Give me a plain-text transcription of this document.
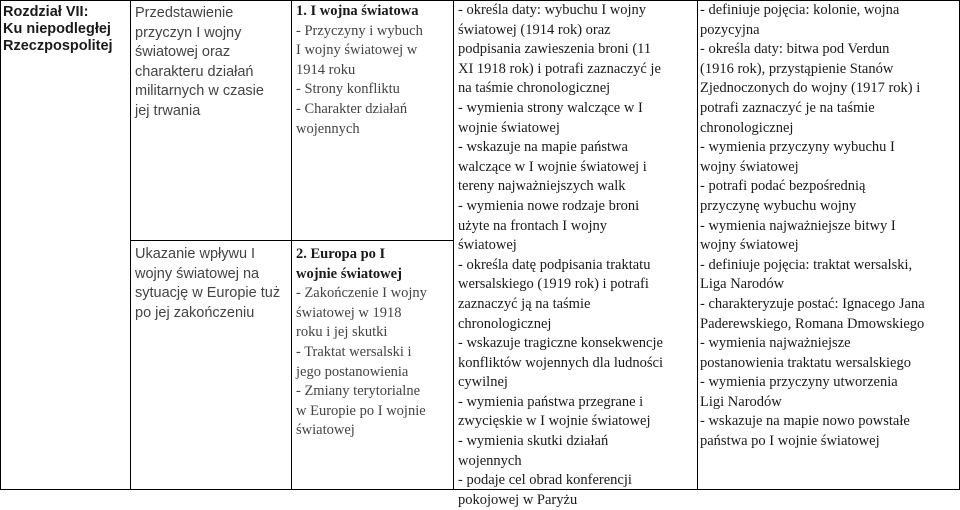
Rozdział VII:
Ku niepodległej
Rzeczpospolitej
Przedstawienie
przyczyn I wojny
światowej oraz
charakteru działań
militarnych w czasie
jej trwania
Ukazanie wpływu I
wojny światowej na
sytuację w Europie tuż
po jej zakończeniu
1. I wojna światowa
- Przyczyny i wybuch
I wojny światowej w
1914 roku
- Strony konfliktu
- Charakter działań
wojennych
2. Europa po I
wojnie światowej
- Zakończenie I wojny
światowej w 1918
roku i jej skutki
- Traktat wersalski i
jego postanowienia
- Zmiany terytorialne
w Europie po I wojnie
światowej
- określa daty: wybuchu I wojny
światowej (1914 rok) oraz
podpisania zawieszenia broni (11
XI 1918 rok) i potrafi zaznaczyć je
na taśmie chronologicznej
- wymienia strony walczące w I
wojnie światowej
- wskazuje na mapie państwa
walczące w I wojnie światowej i
tereny najważniejszych walk
- wymienia nowe rodzaje broni
użyte na frontach I wojny
światowej
- określa datę podpisania traktatu
wersalskiego (1919 rok) i potrafi
zaznaczyć ją na taśmie
chronologicznej
- wskazuje tragiczne konsekwencje
konfliktów wojennych dla ludności
cywilnej
- wymienia państwa przegrane i
zwycięskie w I wojnie światowej
- wymienia skutki działań
wojennych
- podaje cel obrad konferencji
pokojowej w Paryżu
- definiuje pojęcia: kolonie, wojna
pozycyjna
- określa daty: bitwa pod Verdun
(1916 rok), przystąpienie Stanów
Zjednoczonych do wojny (1917 rok) i
potrafi zaznaczyć je na taśmie
chronologicznej
- wymienia przyczyny wybuchu I
wojny światowej
- potrafi podać bezpośrednią
przyczynę wybuchu wojny
- wymienia najważniejsze bitwy I
wojny światowej
- definiuje pojęcia: traktat wersalski,
Liga Narodów
- charakteryzuje postać: Ignacego Jana
Paderewskiego, Romana Dmowskiego
- wymienia najważniejsze
postanowienia traktatu wersalskiego
- wymienia przyczyny utworzenia
Ligi Narodów
- wskazuje na mapie nowo powstałe
państwa po I wojnie światowej
